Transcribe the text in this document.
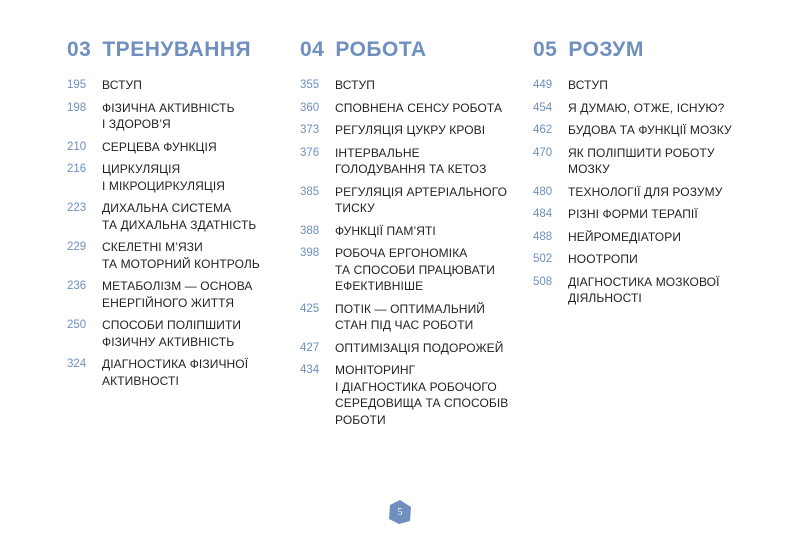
03 ТРЕНУВАННЯ
195	ВСТУП
198	ФІЗИЧНА АКТИВНІСТЬ
І ЗДОРОВ’Я
210	СЕРЦЕВА ФУНКЦІЯ
216	ЦИРКУЛЯЦІЯ
І МІКРОЦИРКУЛЯЦІЯ
223	ДИХАЛЬНА СИСТЕМА
ТА ДИХАЛЬНА ЗДАТНІСТЬ
229	СКЕЛЕТНІ М’ЯЗИ
ТА МОТОРНИЙ КОНТРОЛЬ
236	МЕТАБОЛІЗМ — ОСНОВА
ЕНЕРГІЙНОГО ЖИТТЯ
250	СПОСОБИ ПОЛІПШИТИ
ФІЗИЧНУ АКТИВНІСТЬ
324	ДІАГНОСТИКА ФІЗИЧНОЇ
АКТИВНОСТІ
04 РОБОТА
355	ВСТУП
360	СПОВНЕНА СЕНСУ РОБОТА
373	РЕГУЛЯЦІЯ ЦУКРУ КРОВІ
376	ІНТЕРВАЛЬНЕ
ГОЛОДУВАННЯ ТА КЕТОЗ
385	РЕГУЛЯЦІЯ АРТЕРІАЛЬНОГО
ТИСКУ
388	ФУНКЦІЇ ПАМ’ЯТІ
398	РОБОЧА ЕРГОНОМІКА
ТА СПОСОБИ ПРАЦЮВАТИ
ЕФЕКТИВНІШЕ
425	ПОТІК — ОПТИМАЛЬНИЙ
СТАН ПІД ЧАС РОБОТИ
427	ОПТИМІЗАЦІЯ ПОДОРОЖЕЙ
434	МОНІТОРИНГ
І ДІАГНОСТИКА РОБОЧОГО
СЕРЕДОВИЩА ТА СПОСОБІВ
РОБОТИ
05 РОЗУМ
449	ВСТУП
454	Я ДУМАЮ, ОТЖЕ, ІСНУЮ?
462	БУДОВА ТА ФУНКЦІЇ МОЗКУ
470	ЯК ПОЛІПШИТИ РОБОТУ
МОЗКУ
480	ТЕХНОЛОГІЇ ДЛЯ РОЗУМУ
484	РІЗНІ ФОРМИ ТЕРАПІЇ
488	НЕЙРОМЕДІАТОРИ
502	НООТРОПИ
508	ДІАГНОСТИКА МОЗКОВОЇ
ДІЯЛЬНОСТІ
5
